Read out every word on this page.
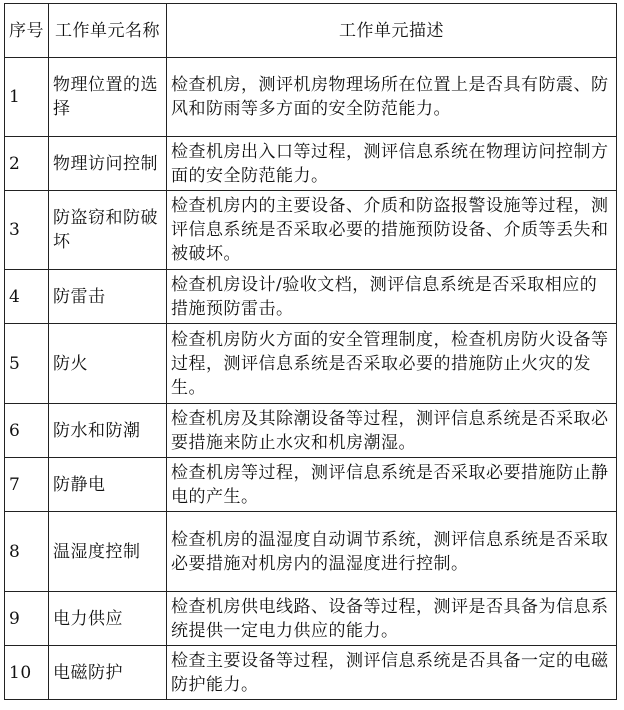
序号	工作单元名称	工作单元描述
1	物理位置的选择	检查机房，测评机房物理场所在位置上是否具有防震、防风和防雨等多方面的安全防范能力。
2	物理访问控制	检查机房出入口等过程，测评信息系统在物理访问控制方面的安全防范能力。
3	防盗窃和防破坏	检查机房内的主要设备、介质和防盗报警设施等过程，测评信息系统是否采取必要的措施预防设备、介质等丢失和被破坏。
4	防雷击	检查机房设计/验收文档，测评信息系统是否采取相应的措施预防雷击。
5	防火	检查机房防火方面的安全管理制度，检查机房防火设备等过程，测评信息系统是否采取必要的措施防止火灾的发生。
6	防水和防潮	检查机房及其除潮设备等过程，测评信息系统是否采取必要措施来防止水灾和机房潮湿。
7	防静电	检查机房等过程，测评信息系统是否采取必要措施防止静电的产生。
8	温湿度控制	检查机房的温湿度自动调节系统，测评信息系统是否采取必要措施对机房内的温湿度进行控制。
9	电力供应	检查机房供电线路、设备等过程，测评是否具备为信息系统提供一定电力供应的能力。
10	电磁防护	检查主要设备等过程，测评信息系统是否具备一定的电磁防护能力。
